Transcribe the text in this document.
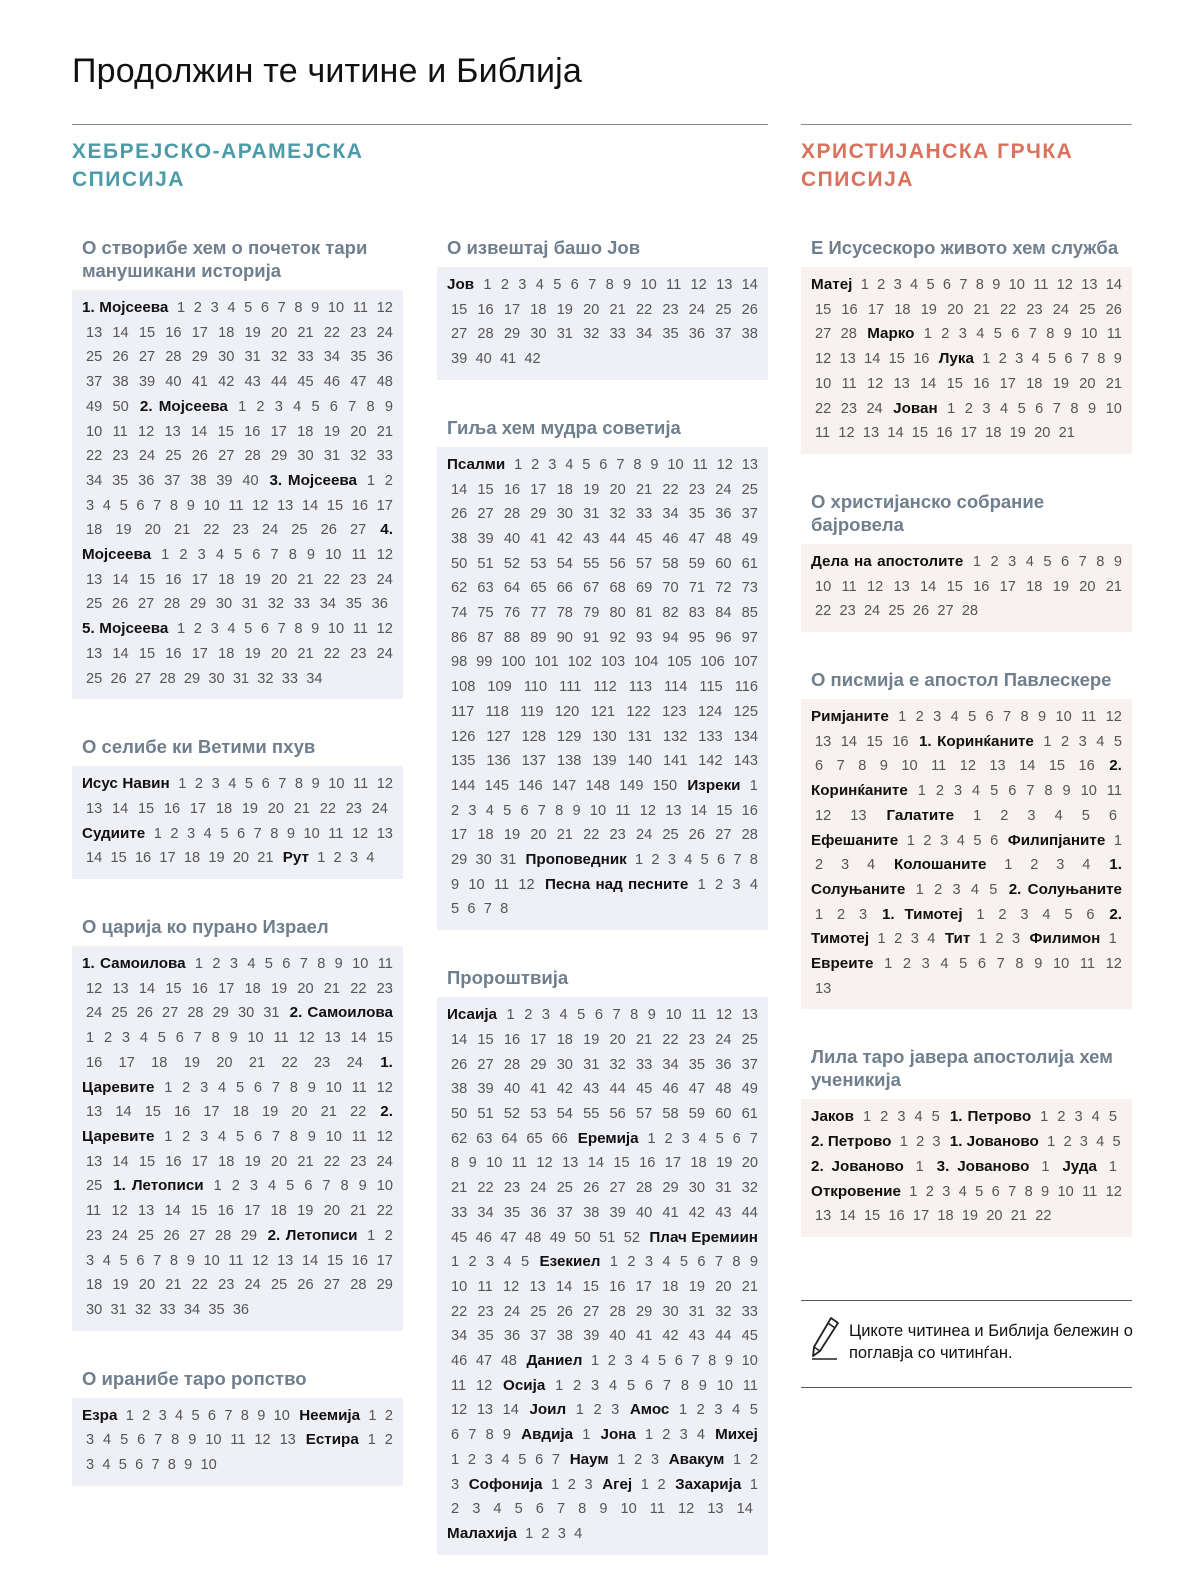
Продолжин те читине и Библија
ХЕБРЕЈСКО-АРАМЕЈСКА
СПИСИЈА
ХРИСТИЈАНСКА ГРЧКА
СПИСИЈА
О створибе хем о почеток тари манушикани историја
1. Мојсеева 1 2 3 4 5 6 7 8 9 10 11 12 13 14 15 16 17 18 19 20 21 22 23 24 25 26 27 28 29 30 31 32 33 34 35 36 37 38 39 40 41 42 43 44 45 46 47 48 49 50 2. Мојсеева 1 2 3 4 5 6 7 8 9 10 11 12 13 14 15 16 17 18 19 20 21 22 23 24 25 26 27 28 29 30 31 32 33 34 35 36 37 38 39 40 3. Мојсеева 1 2 3 4 5 6 7 8 9 10 11 12 13 14 15 16 17 18 19 20 21 22 23 24 25 26 27 4. Мојсеева 1 2 3 4 5 6 7 8 9 10 11 12 13 14 15 16 17 18 19 20 21 22 23 24 25 26 27 28 29 30 31 32 33 34 35 36 5. Мојсеева 1 2 3 4 5 6 7 8 9 10 11 12 13 14 15 16 17 18 19 20 21 22 23 24 25 26 27 28 29 30 31 32 33 34
О селибе ки Ветими пхув
Исус Навин 1 2 3 4 5 6 7 8 9 10 11 12 13 14 15 16 17 18 19 20 21 22 23 24 Судиите 1 2 3 4 5 6 7 8 9 10 11 12 13 14 15 16 17 18 19 20 21 Рут 1 2 3 4
О царија ко пурано Израел
1. Самоилова 1 2 3 4 5 6 7 8 9 10 11 12 13 14 15 16 17 18 19 20 21 22 23 24 25 26 27 28 29 30 31 2. Самоилова 1 2 3 4 5 6 7 8 9 10 11 12 13 14 15 16 17 18 19 20 21 22 23 24 1. Царевите 1 2 3 4 5 6 7 8 9 10 11 12 13 14 15 16 17 18 19 20 21 22 2. Царевите 1 2 3 4 5 6 7 8 9 10 11 12 13 14 15 16 17 18 19 20 21 22 23 24 25 1. Летописи 1 2 3 4 5 6 7 8 9 10 11 12 13 14 15 16 17 18 19 20 21 22 23 24 25 26 27 28 29 2. Летописи 1 2 3 4 5 6 7 8 9 10 11 12 13 14 15 16 17 18 19 20 21 22 23 24 25 26 27 28 29 30 31 32 33 34 35 36
О иранибе таро ропство
Езра 1 2 3 4 5 6 7 8 9 10 Неемија 1 2 3 4 5 6 7 8 9 10 11 12 13 Естира 1 2 3 4 5 6 7 8 9 10
О извештај башо Јов
Јов 1 2 3 4 5 6 7 8 9 10 11 12 13 14 15 16 17 18 19 20 21 22 23 24 25 26 27 28 29 30 31 32 33 34 35 36 37 38 39 40 41 42
Гиља хем мудра советија
Псалми 1 2 3 4 5 6 7 8 9 10 11 12 13 14 15 16 17 18 19 20 21 22 23 24 25 26 27 28 29 30 31 32 33 34 35 36 37 38 39 40 41 42 43 44 45 46 47 48 49 50 51 52 53 54 55 56 57 58 59 60 61 62 63 64 65 66 67 68 69 70 71 72 73 74 75 76 77 78 79 80 81 82 83 84 85 86 87 88 89 90 91 92 93 94 95 96 97 98 99 100 101 102 103 104 105 106 107 108 109 110 111 112 113 114 115 116 117 118 119 120 121 122 123 124 125 126 127 128 129 130 131 132 133 134 135 136 137 138 139 140 141 142 143 144 145 146 147 148 149 150 Изреки 1 2 3 4 5 6 7 8 9 10 11 12 13 14 15 16 17 18 19 20 21 22 23 24 25 26 27 28 29 30 31 Проповедник 1 2 3 4 5 6 7 8 9 10 11 12 Песна над песните 1 2 3 4 5 6 7 8
Пророштвија
Исаија 1 2 3 4 5 6 7 8 9 10 11 12 13 14 15 16 17 18 19 20 21 22 23 24 25 26 27 28 29 30 31 32 33 34 35 36 37 38 39 40 41 42 43 44 45 46 47 48 49 50 51 52 53 54 55 56 57 58 59 60 61 62 63 64 65 66 Еремија 1 2 3 4 5 6 7 8 9 10 11 12 13 14 15 16 17 18 19 20 21 22 23 24 25 26 27 28 29 30 31 32 33 34 35 36 37 38 39 40 41 42 43 44 45 46 47 48 49 50 51 52 Плач Еремиин 1 2 3 4 5 Езекиел 1 2 3 4 5 6 7 8 9 10 11 12 13 14 15 16 17 18 19 20 21 22 23 24 25 26 27 28 29 30 31 32 33 34 35 36 37 38 39 40 41 42 43 44 45 46 47 48 Даниел 1 2 3 4 5 6 7 8 9 10 11 12 Осија 1 2 3 4 5 6 7 8 9 10 11 12 13 14 Јоил 1 2 3 Амос 1 2 3 4 5 6 7 8 9 Авдија 1 Јона 1 2 3 4 Михеј 1 2 3 4 5 6 7 Наум 1 2 3 Авакум 1 2 3 Софонија 1 2 3 Агеј 1 2 Захарија 1 2 3 4 5 6 7 8 9 10 11 12 13 14 Малахија 1 2 3 4
Е Исусескоро живото хем служба
Матеј 1 2 3 4 5 6 7 8 9 10 11 12 13 14 15 16 17 18 19 20 21 22 23 24 25 26 27 28 Марко 1 2 3 4 5 6 7 8 9 10 11 12 13 14 15 16 Лука 1 2 3 4 5 6 7 8 9 10 11 12 13 14 15 16 17 18 19 20 21 22 23 24 Јован 1 2 3 4 5 6 7 8 9 10 11 12 13 14 15 16 17 18 19 20 21
О христијанско собрание бајровела
Дела на апостолите 1 2 3 4 5 6 7 8 9 10 11 12 13 14 15 16 17 18 19 20 21 22 23 24 25 26 27 28
О писмија е апостол Павлескере
Римјаните 1 2 3 4 5 6 7 8 9 10 11 12 13 14 15 16 1. Коринќаните 1 2 3 4 5 6 7 8 9 10 11 12 13 14 15 16 2. Коринќаните 1 2 3 4 5 6 7 8 9 10 11 12 13 Галатите 1 2 3 4 5 6 Ефешаните 1 2 3 4 5 6 Филипјаните 1 2 3 4 Колошаните 1 2 3 4 1. Солуњаните 1 2 3 4 5 2. Солуњаните 1 2 3 1. Тимотеј 1 2 3 4 5 6 2. Тимотеј 1 2 3 4 Тит 1 2 3 Филимон 1 Евреите 1 2 3 4 5 6 7 8 9 10 11 12 13
Лила таро јавера апостолија хем ученикија
Јаков 1 2 3 4 5 1. Петрово 1 2 3 4 5 2. Петрово 1 2 3 1. Јованово 1 2 3 4 5 2. Јованово 1 3. Јованово 1 Јуда 1 Откровение 1 2 3 4 5 6 7 8 9 10 11 12 13 14 15 16 17 18 19 20 21 22
Цикоте читинеа и Библија бележин о поглавја со читинѓан.
